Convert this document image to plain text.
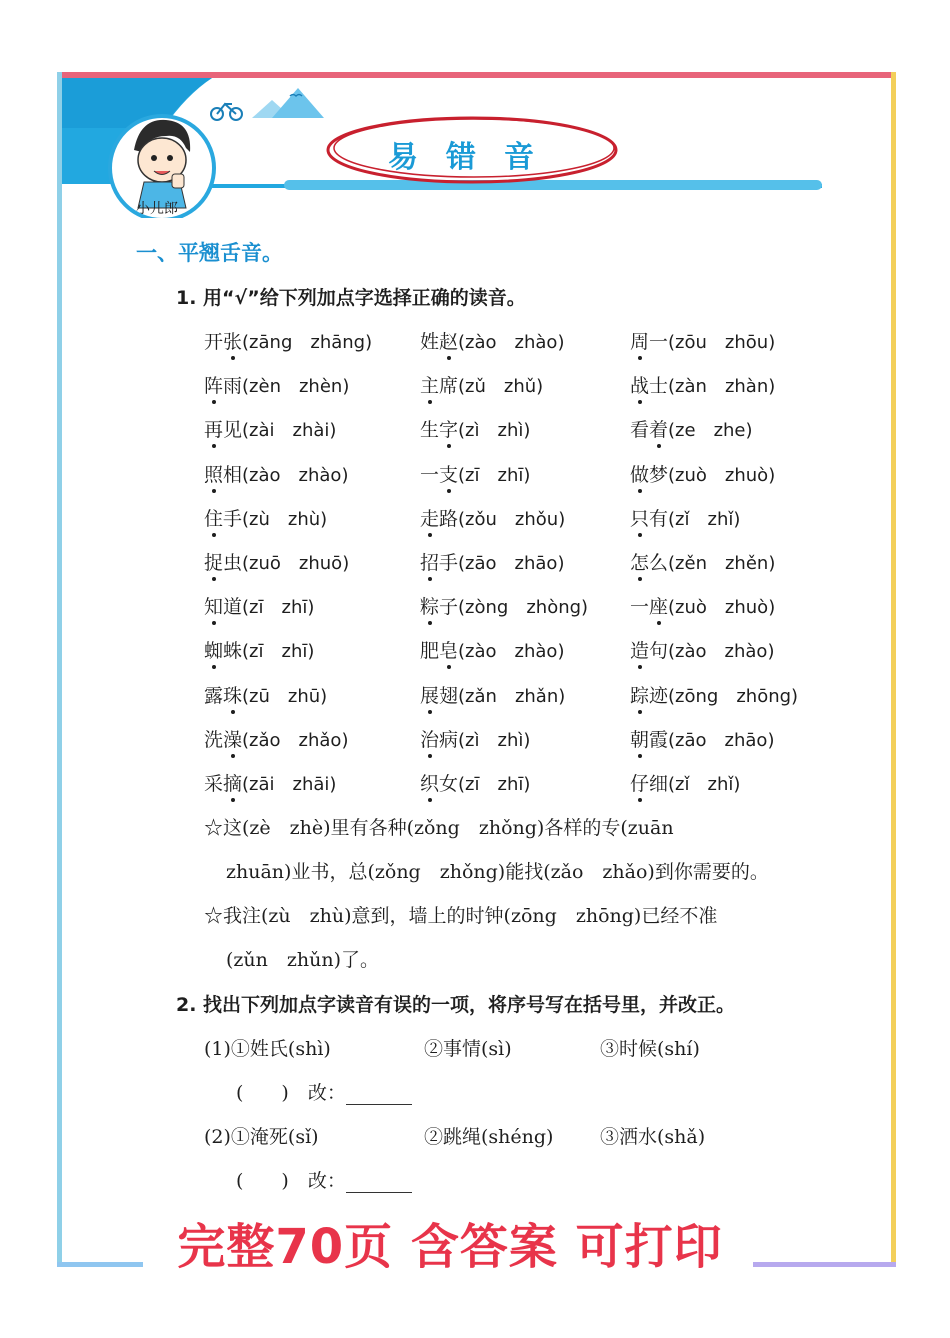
小儿郎
易错音
一、平翘舌音。
1. 用“√”给下列加点字选择正确的读音。
开张(zāng　zhāng)	姓赵(zào　zhào)	周一(zōu　zhōu)
阵雨(zèn　zhèn)	主席(zǔ　zhǔ)	战士(zàn　zhàn)
再见(zài　zhài)	生字(zì　zhì)	看着(ze　zhe)
照相(zào　zhào)	一支(zī　zhī)	做梦(zuò　zhuò)
住手(zù　zhù)	走路(zǒu　zhǒu)	只有(zǐ　zhǐ)
捉虫(zuō　zhuō)	招手(zāo　zhāo)	怎么(zěn　zhěn)
知道(zī　zhī)	粽子(zòng　zhòng) 一座(zuò　zhuò)
蜘蛛(zī　zhī)	肥皂(zào　zhào)	造句(zào　zhào)
露珠(zū　zhū)	展翅(zǎn　zhǎn)	踪迹(zōng　zhōng)
洗澡(zǎo　zhǎo)	治病(zì　zhì)	朝霞(zāo　zhāo)
采摘(zāi　zhāi)	织女(zī　zhī)	仔细(zǐ　zhǐ)
☆这(zè　zhè)里有各种(zǒng　zhǒng)各样的专(zuān
zhuān)业书，总(zǒng　zhǒng)能找(zǎo　zhǎo)到你需要的。
☆我注(zù　zhù)意到，墙上的时钟(zōng　zhōng)已经不准
(zǔn　zhǔn)了。
2. 找出下列加点字读音有误的一项，将序号写在括号里，并改正。
(1)①姓氏(shì)	②事情(sì)	③时候(shí)
(　　)　改：
(2)①淹死(sǐ)	②跳绳(shéng) ③洒水(shǎ)
(　　)　改：
完整70页 含答案 可打印
